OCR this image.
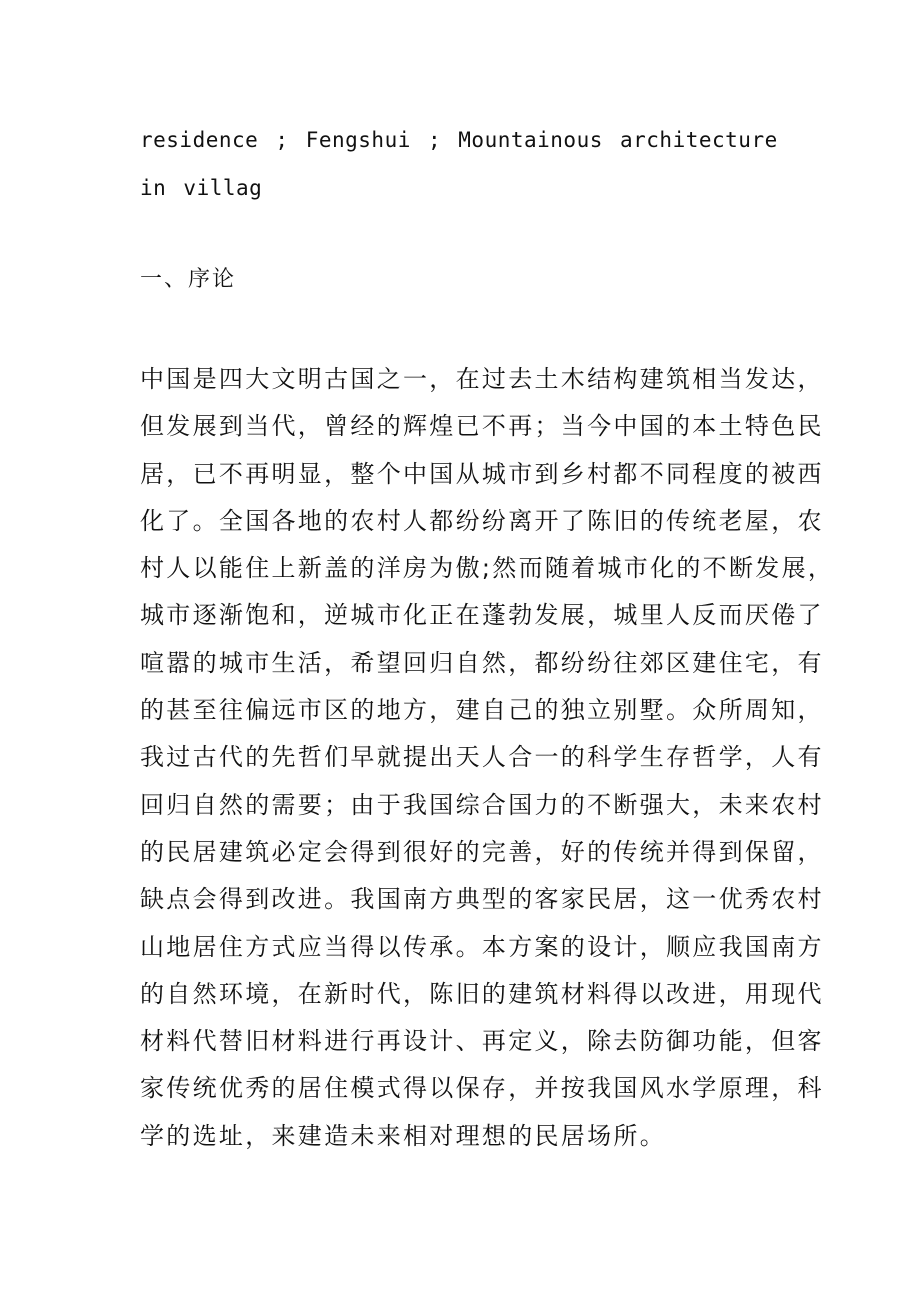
residence ; Fengshui ; Mountainous architecture in villag
一、序论
中国是四大文明古国之一，在过去土木结构建筑相当发达，
但发展到当代，曾经的辉煌已不再；当今中国的本土特色民
居，已不再明显，整个中国从城市到乡村都不同程度的被西
化了。全国各地的农村人都纷纷离开了陈旧的传统老屋，农
村人以能住上新盖的洋房为傲;然而随着城市化的不断发展，
城市逐渐饱和，逆城市化正在蓬勃发展，城里人反而厌倦了
喧嚣的城市生活，希望回归自然，都纷纷往郊区建住宅，有
的甚至往偏远市区的地方，建自己的独立别墅。众所周知，
我过古代的先哲们早就提出天人合一的科学生存哲学，人有
回归自然的需要；由于我国综合国力的不断强大，未来农村
的民居建筑必定会得到很好的完善，好的传统并得到保留，
缺点会得到改进。我国南方典型的客家民居，这一优秀农村
山地居住方式应当得以传承。本方案的设计，顺应我国南方
的自然环境，在新时代，陈旧的建筑材料得以改进，用现代
材料代替旧材料进行再设计、再定义，除去防御功能，但客
家传统优秀的居住模式得以保存，并按我国风水学原理，科
学的选址，来建造未来相对理想的民居场所。
